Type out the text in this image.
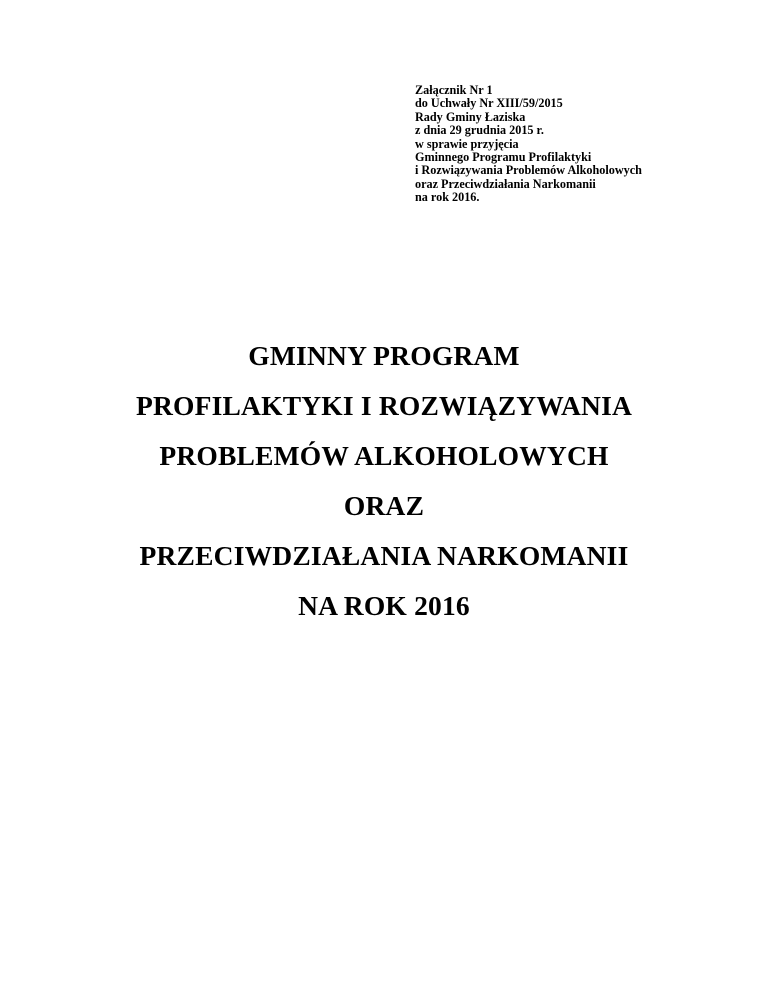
Załącznik Nr 1
do Uchwały Nr XIII/59/2015
Rady Gminy Łaziska
z dnia 29 grudnia 2015 r.
w sprawie przyjęcia
Gminnego Programu Profilaktyki
i Rozwiązywania Problemów Alkoholowych
oraz Przeciwdziałania Narkomanii
na rok 2016.
GMINNY PROGRAM
PROFILAKTYKI I ROZWIĄZYWANIA
PROBLEMÓW ALKOHOLOWYCH
ORAZ
PRZECIWDZIAŁANIA NARKOMANII
NA ROK 2016
